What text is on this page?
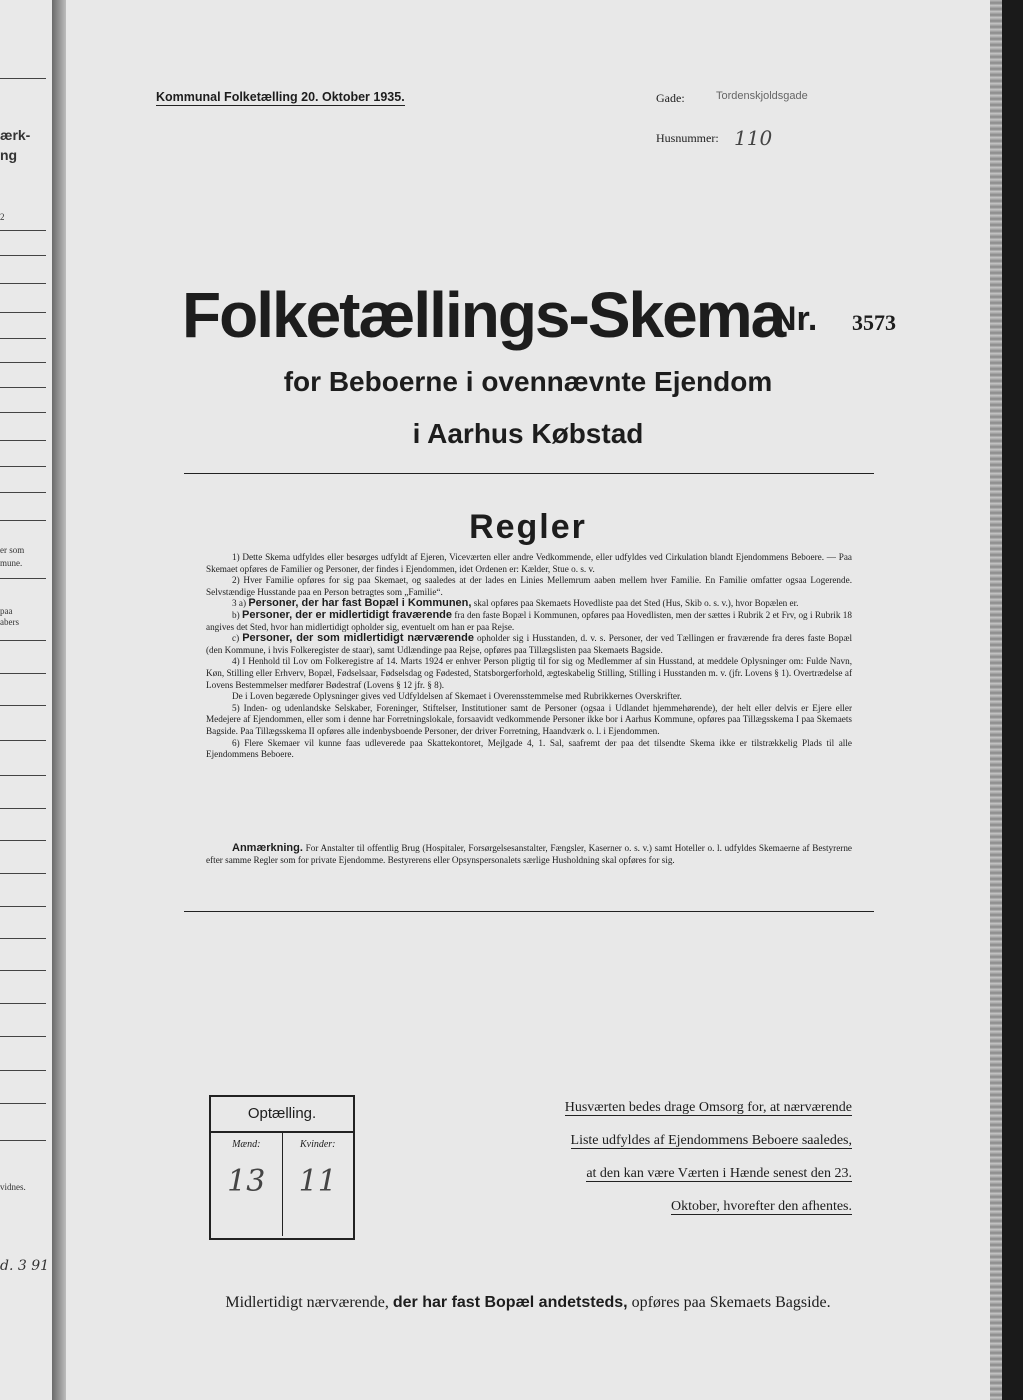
ærk-
ng
2
er som
mune.
paa
abers
vidnes.
d. 3 91
Kommunal Folketælling 20. Oktober 1935.	Gade:	Tordenskjoldsgade
Husnummer: 110
Folketællings-Skema
Nr. 3573
for Beboerne i ovennævnte Ejendom
i Aarhus Købstad
Regler

1) Dette Skema udfyldes eller besørges udfyldt af Ejeren, Viceværten eller andre Vedkommende, eller udfyldes ved Cirkulation blandt Ejendommens Beboere. — Paa Skemaet opføres de Familier og Personer, der findes i Ejendommen, idet Ordenen er: Kælder, Stue o. s. v.

2) Hver Familie opføres for sig paa Skemaet, og saaledes at der lades en Linies Mellemrum aaben mellem hver Familie. En Familie omfatter ogsaa Logerende. Selvstændige Husstande paa en Person betragtes som „Familie“.

3 a) Personer, der har fast Bopæl i Kommunen, skal opføres paa Skemaets Hovedliste paa det Sted (Hus, Skib o. s. v.), hvor Bopælen er.

b) Personer, der er midlertidigt fraværende fra den faste Bopæl i Kommunen, opføres paa Hovedlisten, men der sættes i Rubrik 2 et Frv, og i Rubrik 18 angives det Sted, hvor han midlertidigt opholder sig, eventuelt om han er paa Rejse.

c) Personer, der som midlertidigt nærværende opholder sig i Husstanden, d. v. s. Personer, der ved Tællingen er fraværende fra deres faste Bopæl (den Kommune, i hvis Folkeregister de staar), samt Udlændinge paa Rejse, opføres paa Tillægslisten paa Skemaets Bagside.

4) I Henhold til Lov om Folkeregistre af 14. Marts 1924 er enhver Person pligtig til for sig og Medlemmer af sin Husstand, at meddele Oplysninger om: Fulde Navn, Køn, Stilling eller Erhverv, Bopæl, Fødselsaar, Fødselsdag og Fødested, Statsborgerforhold, ægteskabelig Stilling, Stilling i Husstanden m. v. (jfr. Lovens § 1). Overtrædelse af Lovens Bestemmelser medfører Bødestraf (Lovens § 12 jfr. § 8).

De i Loven begærede Oplysninger gives ved Udfyldelsen af Skemaet i Overensstemmelse med Rubrikkernes Overskrifter.

5) Inden- og udenlandske Selskaber, Foreninger, Stiftelser, Institutioner samt de Personer (ogsaa i Udlandet hjemmehørende), der helt eller delvis er Ejere eller Medejere af Ejendommen, eller som i denne har Forretningslokale, forsaavidt vedkommende Personer ikke bor i Aarhus Kommune, opføres paa Tillægsskema I paa Skemaets Bagside. Paa Tillægsskema II opføres alle indenbysboende Personer, der driver Forretning, Haandværk o. l. i Ejendommen.

6) Flere Skemaer vil kunne faas udleverede paa Skattekontoret, Mejlgade 4, 1. Sal, saafremt der paa det tilsendte Skema ikke er tilstrækkelig Plads til alle Ejendommens Beboere.

Anmærkning. For Anstalter til offentlig Brug (Hospitaler, Forsørgelsesanstalter, Fængsler, Kaserner o. s. v.) samt Hoteller o. l. udfyldes Skemaerne af Bestyrerne efter samme Regler som for private Ejendomme. Bestyrerens eller Opsynspersonalets særlige Husholdning skal opføres for sig.
Optælling.
Mænd:
13
Kvinder:
11
Husværten bedes drage Omsorg for, at nærværende
Liste udfyldes af Ejendommens Beboere saaledes,
at den kan være Værten i Hænde senest den 23.
Oktober, hvorefter den afhentes.
Midlertidigt nærværende, der har fast Bopæl andetsteds, opføres paa Skemaets Bagside.
